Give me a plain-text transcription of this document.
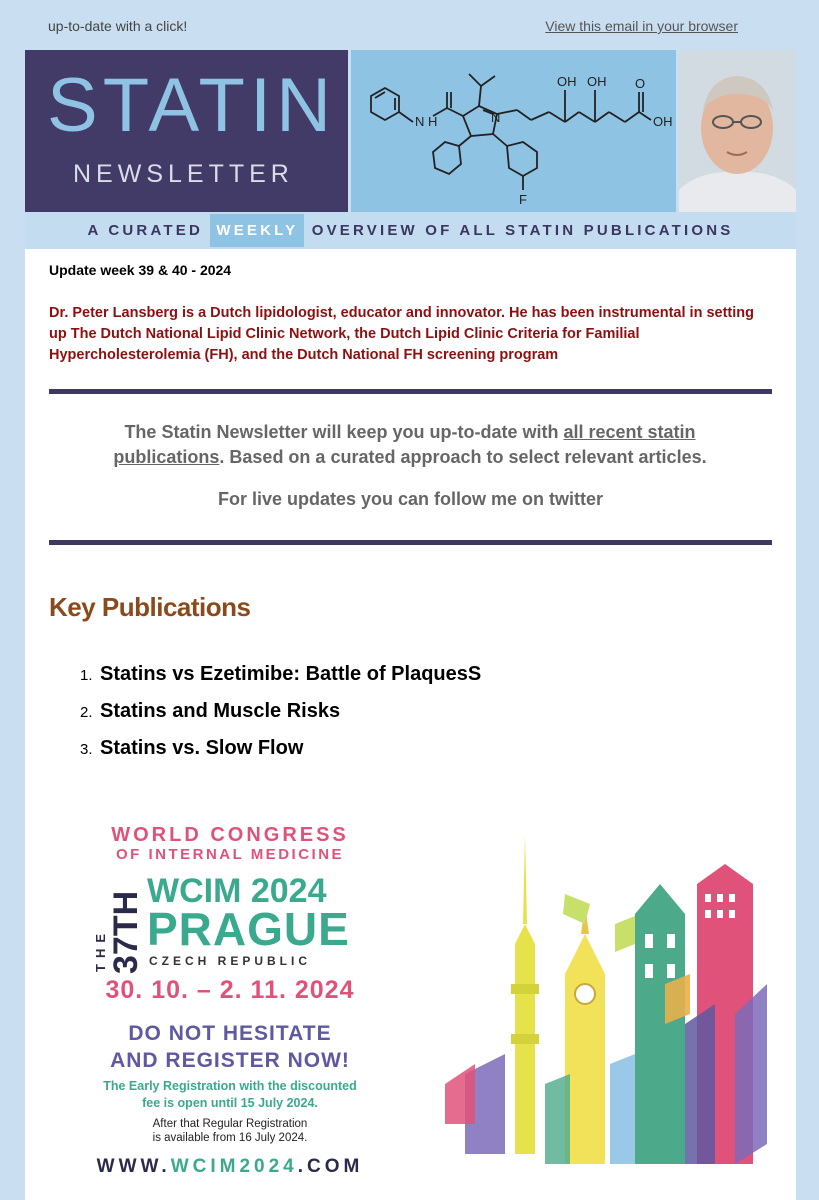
up-to-date with a click!	View this email in your browser
STATIN
NEWSLETTER
N H	N
OH OH
OH
O
F
A CURATED WEEKLY OVERVIEW OF ALL STATIN PUBLICATIONS
Update week 39 & 40 - 2024
Dr. Peter Lansberg is a Dutch lipidologist, educator and innovator. He has been instrumental in setting up The Dutch National Lipid Clinic Network, the Dutch Lipid Clinic Criteria for Familial Hypercholesterolemia (FH), and the Dutch National FH screening program
The Statin Newsletter will keep you up-to-date with all recent statin publications. Based on a curated approach to select relevant articles.
For live updates you can follow me on twitter
Key Publications
1. Statins vs Ezetimibe: Battle of PlaquesS
2. Statins and Muscle Risks
3. Statins vs. Slow Flow
WORLD CONGRESS
OF INTERNAL MEDICINE
THE 37TH WCIM 2024
PRAGUE
CZECH REPUBLIC
30. 10. – 2. 11. 2024
DO NOT HESITATE
AND REGISTER NOW!
The Early Registration with the discounted
fee is open until 15 July 2024.
After that Regular Registration
is available from 16 July 2024.
WWW.WCIM2024.COM
